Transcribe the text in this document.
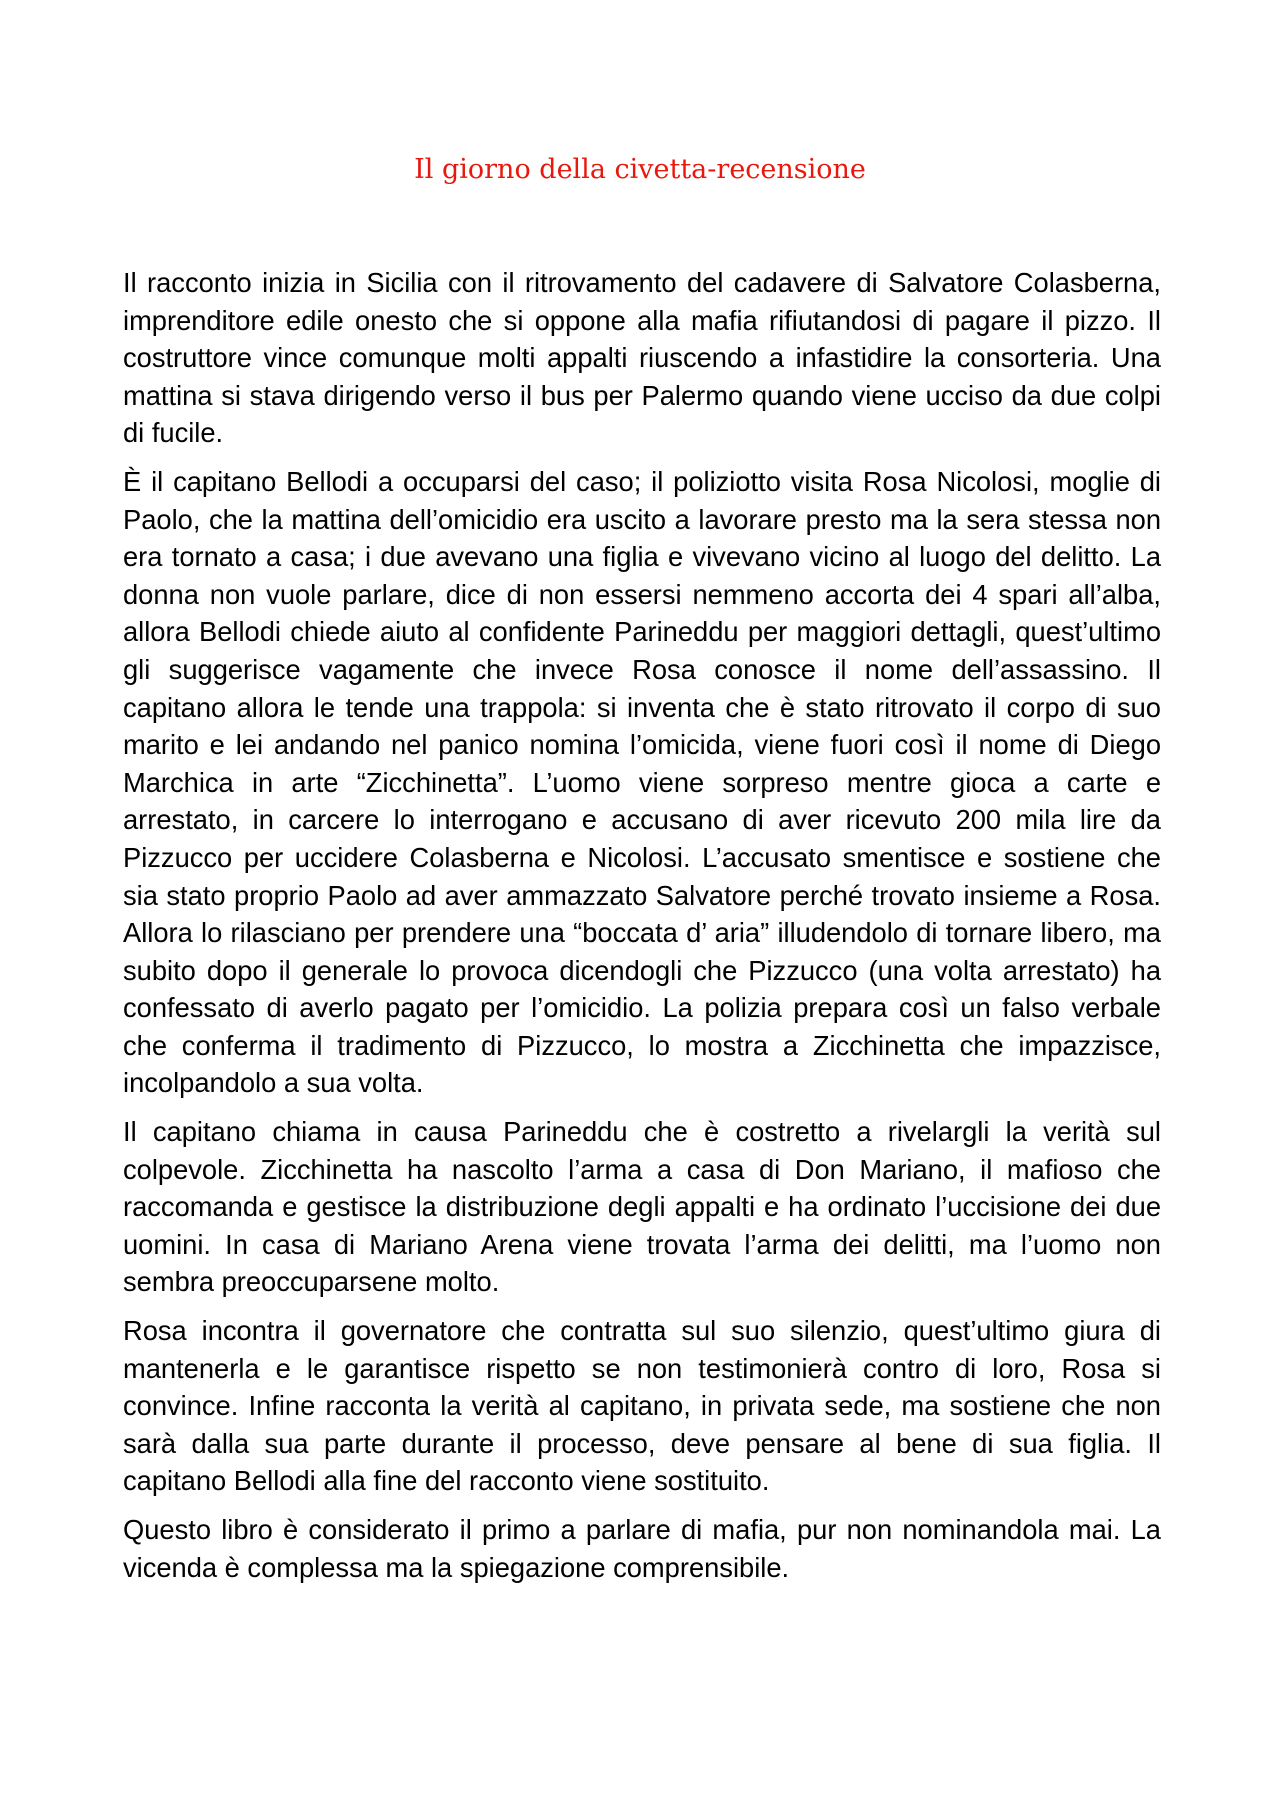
Il giorno della civetta-recensione

Il racconto inizia in Sicilia con il ritrovamento del cadavere di Salvatore Colasberna, imprenditore edile onesto che si oppone alla mafia rifiutandosi di pagare il pizzo. Il costruttore vince comunque molti appalti riuscendo a infastidire la consorteria. Una mattina si stava dirigendo verso il bus per Palermo quando viene ucciso da due colpi di fucile.

È il capitano Bellodi a occuparsi del caso; il poliziotto visita Rosa Nicolosi, moglie di Paolo, che la mattina dell’omicidio era uscito a lavorare presto ma la sera stessa non era tornato a casa; i due avevano una figlia e vivevano vicino al luogo del delitto. La donna non vuole parlare, dice di non essersi nemmeno accorta dei 4 spari all’alba, allora Bellodi chiede aiuto al confidente Parineddu per maggiori dettagli, quest’ultimo gli suggerisce vagamente che invece Rosa conosce il nome dell’assassino. Il capitano allora le tende una trappola: si inventa che è stato ritrovato il corpo di suo marito e lei andando nel panico nomina l’omicida, viene fuori così il nome di Diego Marchica in arte “Zicchinetta”. L’uomo viene sorpreso mentre gioca a carte e arrestato, in carcere lo interrogano e accusano di aver ricevuto 200 mila lire da Pizzucco per uccidere Colasberna e Nicolosi. L’accusato smentisce e sostiene che sia stato proprio Paolo ad aver ammazzato Salvatore perché trovato insieme a Rosa. Allora lo rilasciano per prendere una “boccata d’ aria” illudendolo di tornare libero, ma subito dopo il generale lo provoca dicendogli che Pizzucco (una volta arrestato) ha confessato di averlo pagato per l’omicidio. La polizia prepara così un falso verbale che conferma il tradimento di Pizzucco, lo mostra a Zicchinetta che impazzisce, incolpandolo a sua volta.

Il capitano chiama in causa Parineddu che è costretto a rivelargli la verità sul colpevole. Zicchinetta ha nascolto l’arma a casa di Don Mariano, il mafioso che raccomanda e gestisce la distribuzione degli appalti e ha ordinato l’uccisione dei due uomini. In casa di Mariano Arena viene trovata l’arma dei delitti, ma l’uomo non sembra preoccuparsene molto.

Rosa incontra il governatore che contratta sul suo silenzio, quest’ultimo giura di mantenerla e le garantisce rispetto se non testimonierà contro di loro, Rosa si convince. Infine racconta la verità al capitano, in privata sede, ma sostiene che non sarà dalla sua parte durante il processo, deve pensare al bene di sua figlia. Il capitano Bellodi alla fine del racconto viene sostituito.

Questo libro è considerato il primo a parlare di mafia, pur non nominandola mai. La vicenda è complessa ma la spiegazione comprensibile.
